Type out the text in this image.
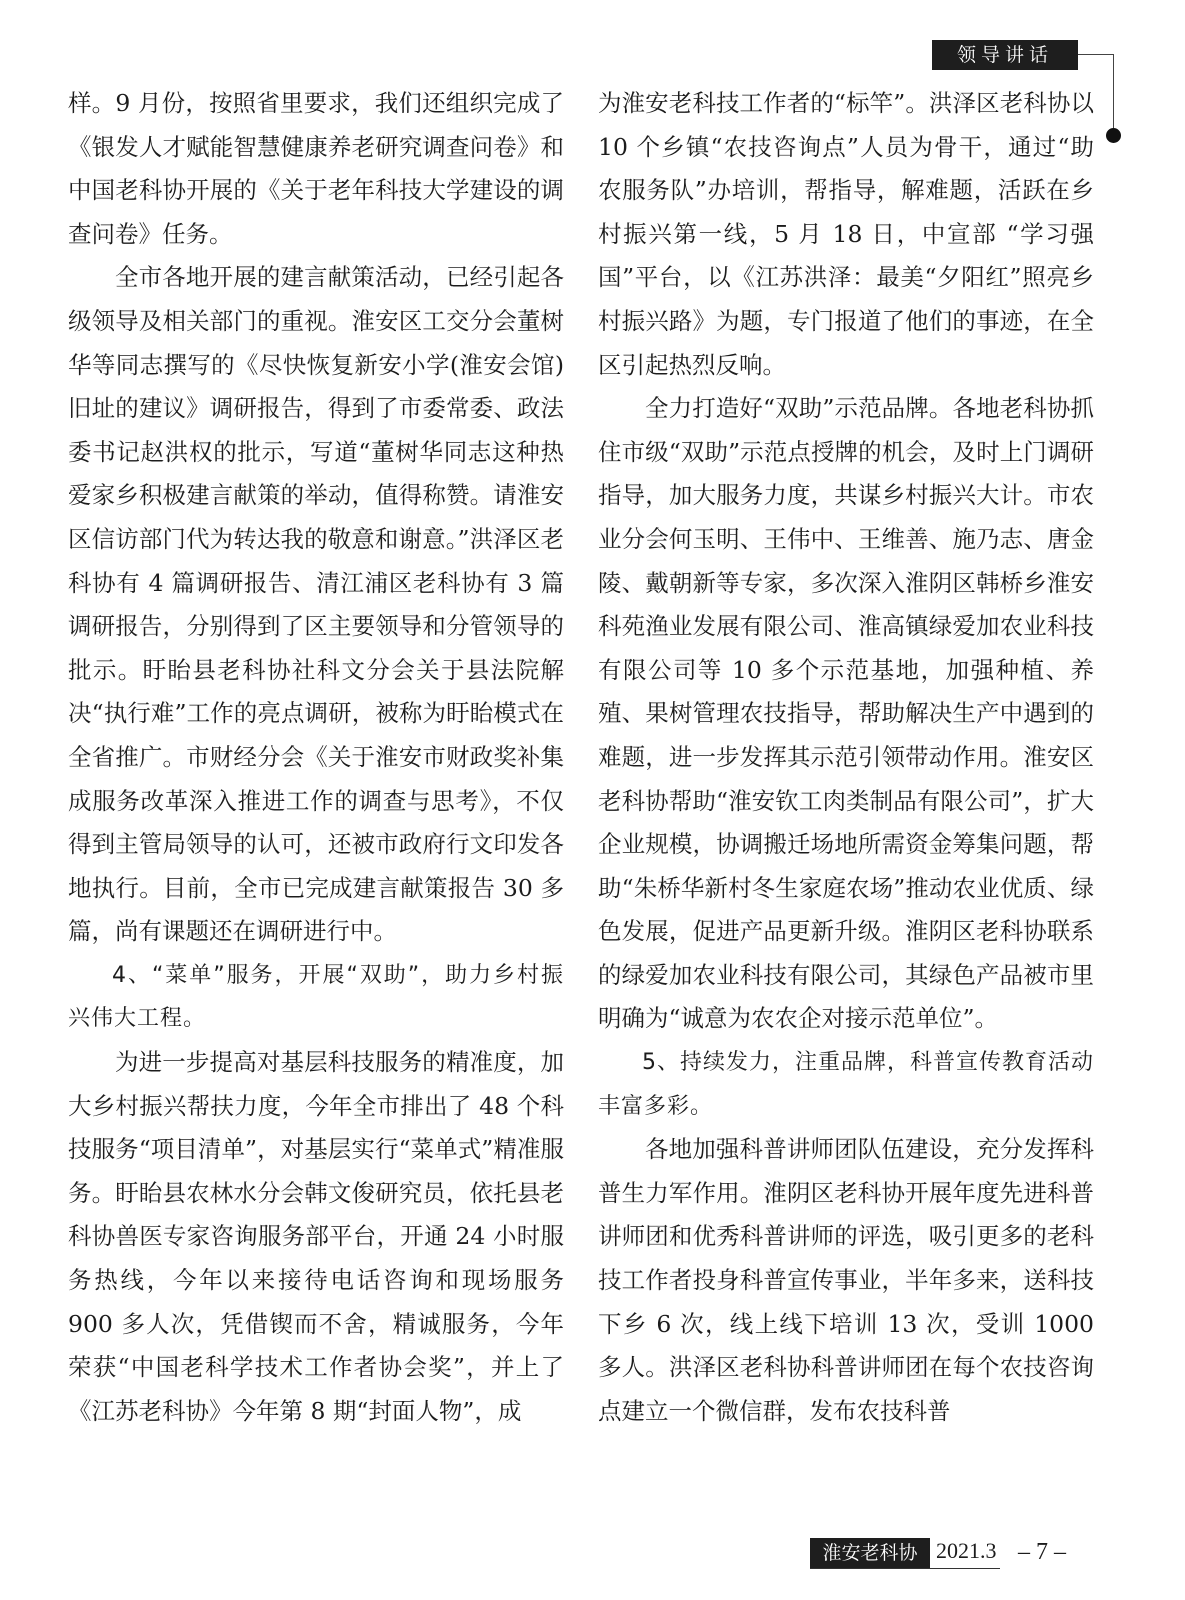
领导讲话

样。9 月份，按照省里要求，我们还组织完成了《银发人才赋能智慧健康养老研究调查问卷》和中国老科协开展的《关于老年科技大学建设的调查问卷》任务。

全市各地开展的建言献策活动，已经引起各级领导及相关部门的重视。淮安区工交分会董树华等同志撰写的《尽快恢复新安小学(淮安会馆)旧址的建议》调研报告，得到了市委常委、政法委书记赵洪权的批示，写道“董树华同志这种热爱家乡积极建言献策的举动，值得称赞。请淮安区信访部门代为转达我的敬意和谢意。”洪泽区老科协有 4 篇调研报告、清江浦区老科协有 3 篇调研报告，分别得到了区主要领导和分管领导的批示。盱眙县老科协社科文分会关于县法院解决“执行难”工作的亮点调研，被称为盱眙模式在全省推广。市财经分会《关于淮安市财政奖补集成服务改革深入推进工作的调查与思考》，不仅得到主管局领导的认可，还被市政府行文印发各地执行。目前，全市已完成建言献策报告 30 多篇，尚有课题还在调研进行中。

4、“菜单”服务，开展“双助”，助力乡村振兴伟大工程。

为进一步提高对基层科技服务的精准度，加大乡村振兴帮扶力度，今年全市排出了 48 个科技服务“项目清单”，对基层实行“菜单式”精准服务。盱眙县农林水分会韩文俊研究员，依托县老科协兽医专家咨询服务部平台，开通 24 小时服务热线，今年以来接待电话咨询和现场服务 900 多人次，凭借锲而不舍，精诚服务，今年荣获“中国老科学技术工作者协会奖”，并上了《江苏老科协》今年第 8 期“封面人物”，成

为淮安老科技工作者的“标竿”。洪泽区老科协以 10 个乡镇“农技咨询点”人员为骨干，通过“助农服务队”办培训，帮指导，解难题，活跃在乡村振兴第一线，5 月 18 日，中宣部 “学习强国”平台，以《江苏洪泽：最美“夕阳红”照亮乡村振兴路》为题，专门报道了他们的事迹，在全区引起热烈反响。

全力打造好“双助”示范品牌。各地老科协抓住市级“双助”示范点授牌的机会，及时上门调研指导，加大服务力度，共谋乡村振兴大计。市农业分会何玉明、王伟中、王维善、施乃志、唐金陵、戴朝新等专家，多次深入淮阴区韩桥乡淮安科苑渔业发展有限公司、淮高镇绿爱加农业科技有限公司等 10 多个示范基地，加强种植、养殖、果树管理农技指导，帮助解决生产中遇到的难题，进一步发挥其示范引领带动作用。淮安区老科协帮助“淮安钦工肉类制品有限公司”，扩大企业规模，协调搬迁场地所需资金筹集问题，帮助“朱桥华新村冬生家庭农场”推动农业优质、绿色发展，促进产品更新升级。淮阴区老科协联系的绿爱加农业科技有限公司，其绿色产品被市里明确为“诚意为农农企对接示范单位”。

5、持续发力，注重品牌，科普宣传教育活动丰富多彩。

各地加强科普讲师团队伍建设，充分发挥科普生力军作用。淮阴区老科协开展年度先进科普讲师团和优秀科普讲师的评选，吸引更多的老科技工作者投身科普宣传事业，半年多来，送科技下乡 6 次，线上线下培训 13 次，受训 1000 多人。洪泽区老科协科普讲师团在每个农技咨询点建立一个微信群，发布农技科普

淮安老科协 2021.3 – 7 –
